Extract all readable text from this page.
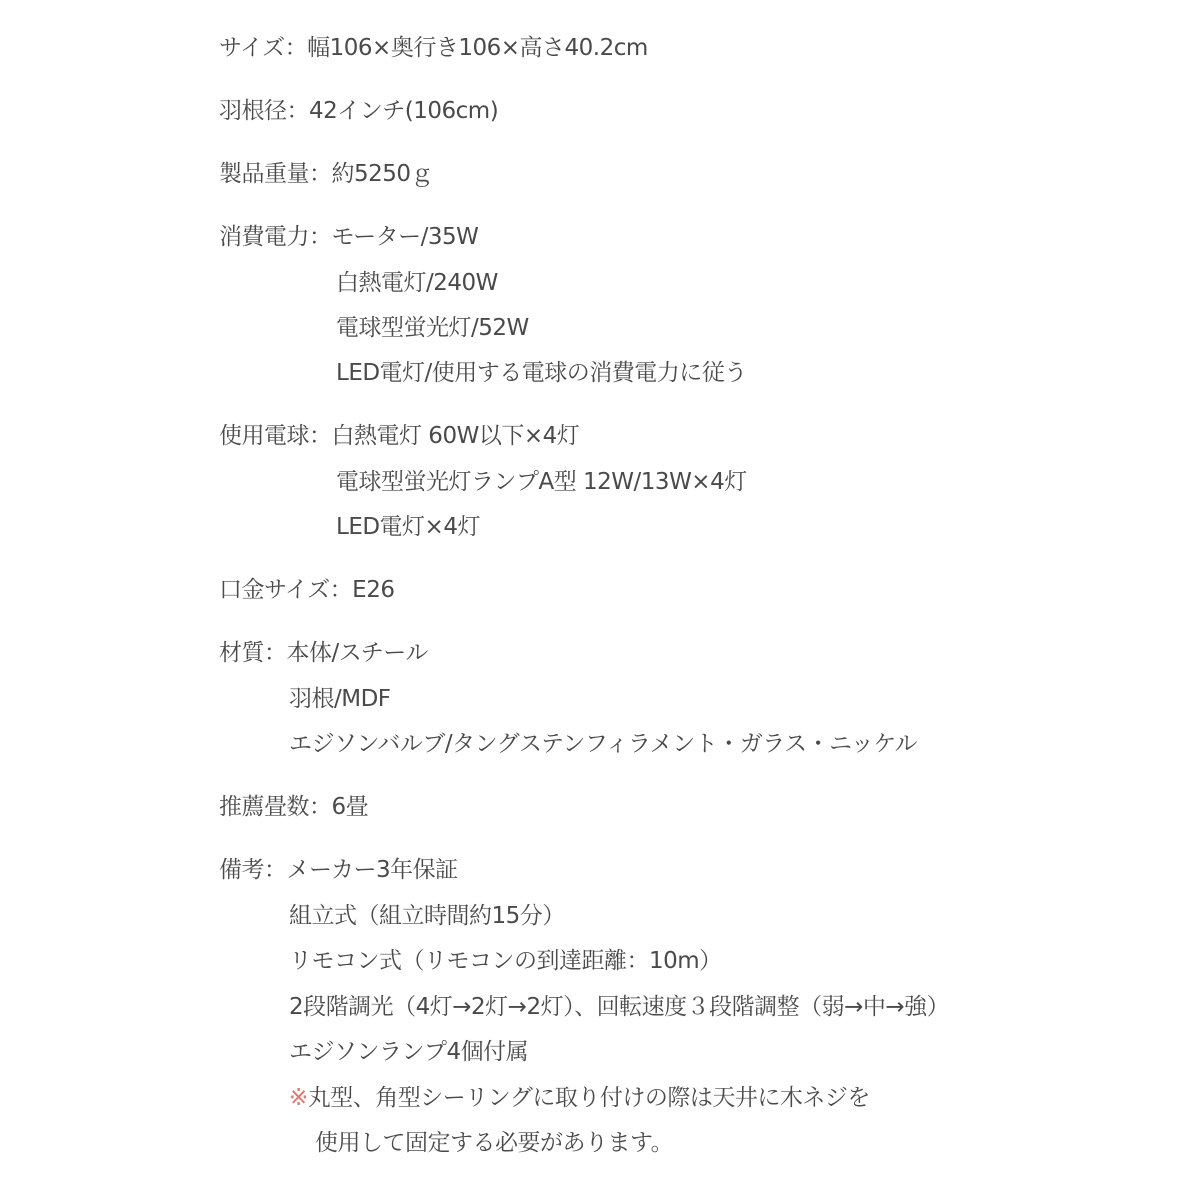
サイズ：幅106×奥行き106×高さ40.2cm
羽根径：42インチ(106cm)
製品重量：約5250ｇ
消費電力：モーター/35W
白熱電灯/240W
電球型蛍光灯/52W
LED電灯/使用する電球の消費電力に従う
使用電球：白熱電灯 60W以下×4灯
電球型蛍光灯ランプA型 12W/13W×4灯
LED電灯×4灯
口金サイズ：E26
材質：本体/スチール
羽根/MDF
エジソンバルブ/タングステンフィラメント・ガラス・ニッケル
推薦畳数：6畳
備考：メーカー3年保証
組立式（組立時間約15分）
リモコン式（リモコンの到達距離：10m）
2段階調光（4灯→2灯→2灯）、回転速度３段階調整（弱→中→強）
エジソンランプ4個付属
※丸型、角型シーリングに取り付けの際は天井に木ネジを
使用して固定する必要があります。
